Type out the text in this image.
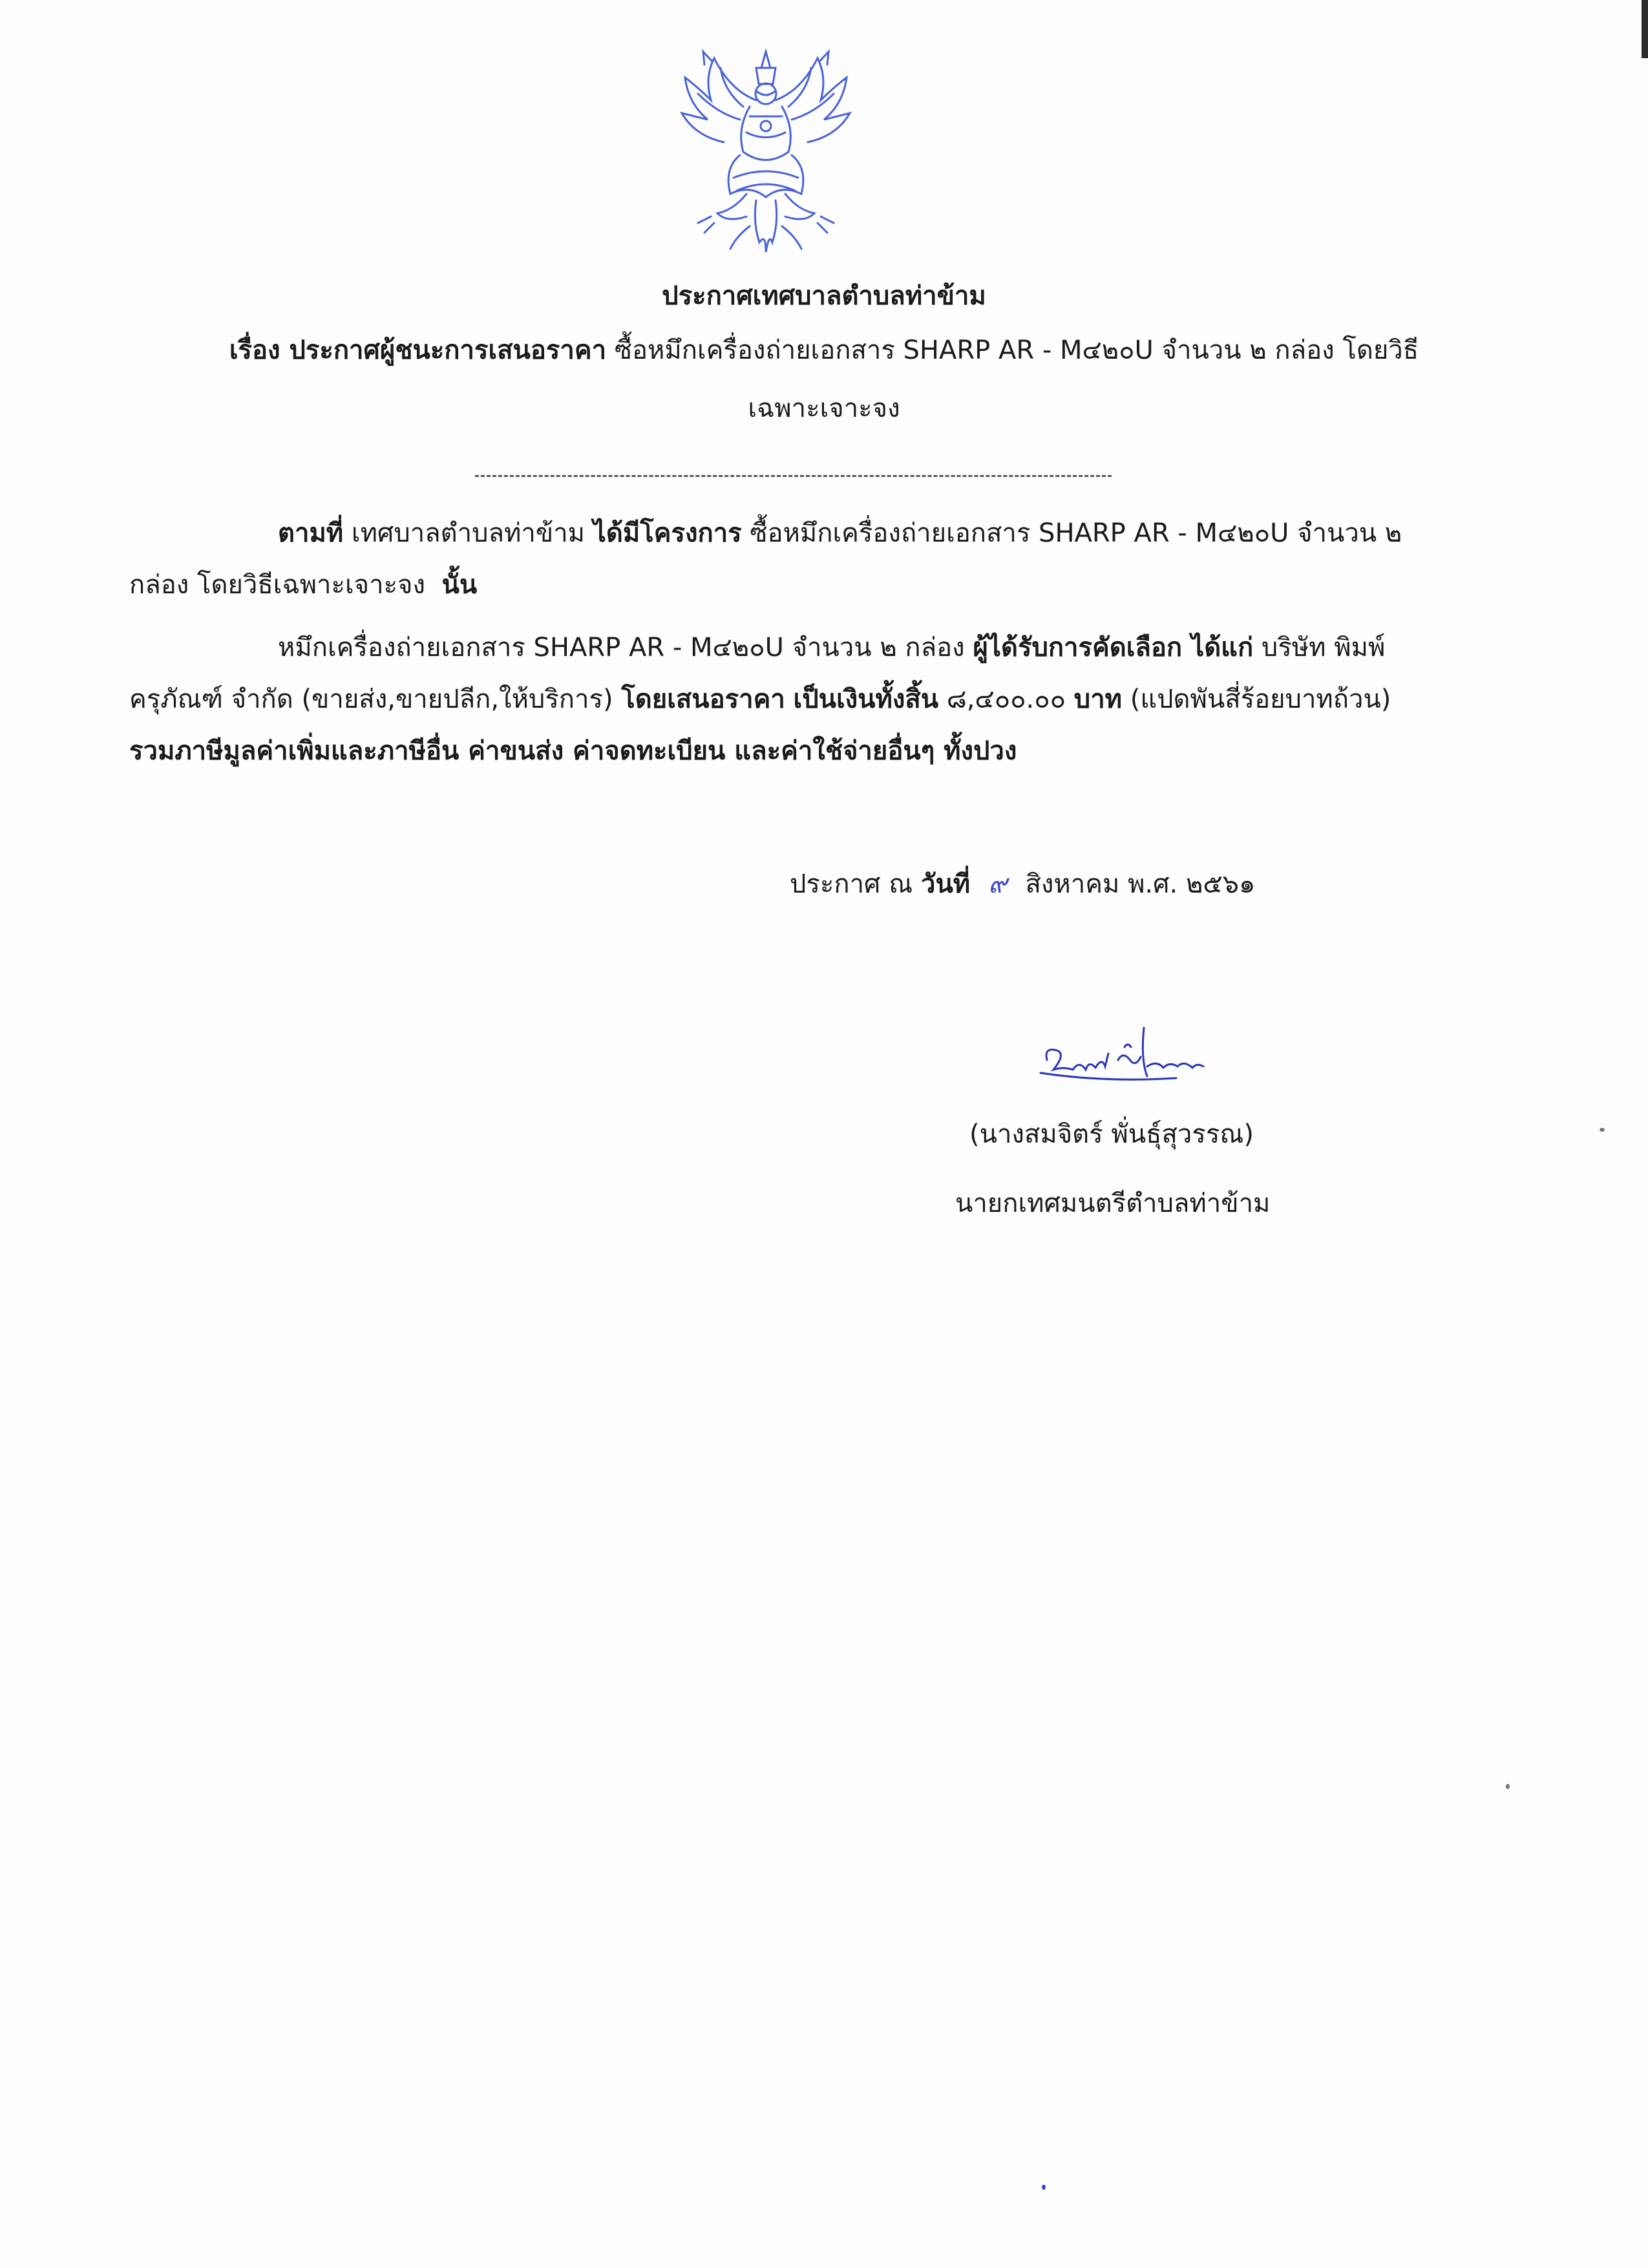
ประกาศเทศบาลตำบลท่าข้าม
เรื่อง ประกาศผู้ชนะการเสนอราคา ซื้อหมึกเครื่องถ่ายเอกสาร SHARP AR - M๔๒๐U จำนวน ๒ กล่อง โดยวิธี
เฉพาะเจาะจง
ตามที่ เทศบาลตำบลท่าข้าม ได้มีโครงการ ซื้อหมึกเครื่องถ่ายเอกสาร SHARP AR - M๔๒๐U จำนวน ๒
กล่อง โดยวิธีเฉพาะเจาะจง นั้น
หมึกเครื่องถ่ายเอกสาร SHARP AR - M๔๒๐U จำนวน ๒ กล่อง ผู้ได้รับการคัดเลือก ได้แก่ บริษัท พิมพ์
ครุภัณฑ์ จำกัด (ขายส่ง,ขายปลีก,ให้บริการ) โดยเสนอราคา เป็นเงินทั้งสิ้น ๘,๔๐๐.๐๐ บาท (แปดพันสี่ร้อยบาทถ้วน)
รวมภาษีมูลค่าเพิ่มและภาษีอื่น ค่าขนส่ง ค่าจดทะเบียน และค่าใช้จ่ายอื่นๆ ทั้งปวง
ประกาศ ณ วันที่ ๙ สิงหาคม พ.ศ. ๒๕๖๑
(นางสมจิตร์ พั่นธุ์สุวรรณ)
นายกเทศมนตรีตำบลท่าข้าม
